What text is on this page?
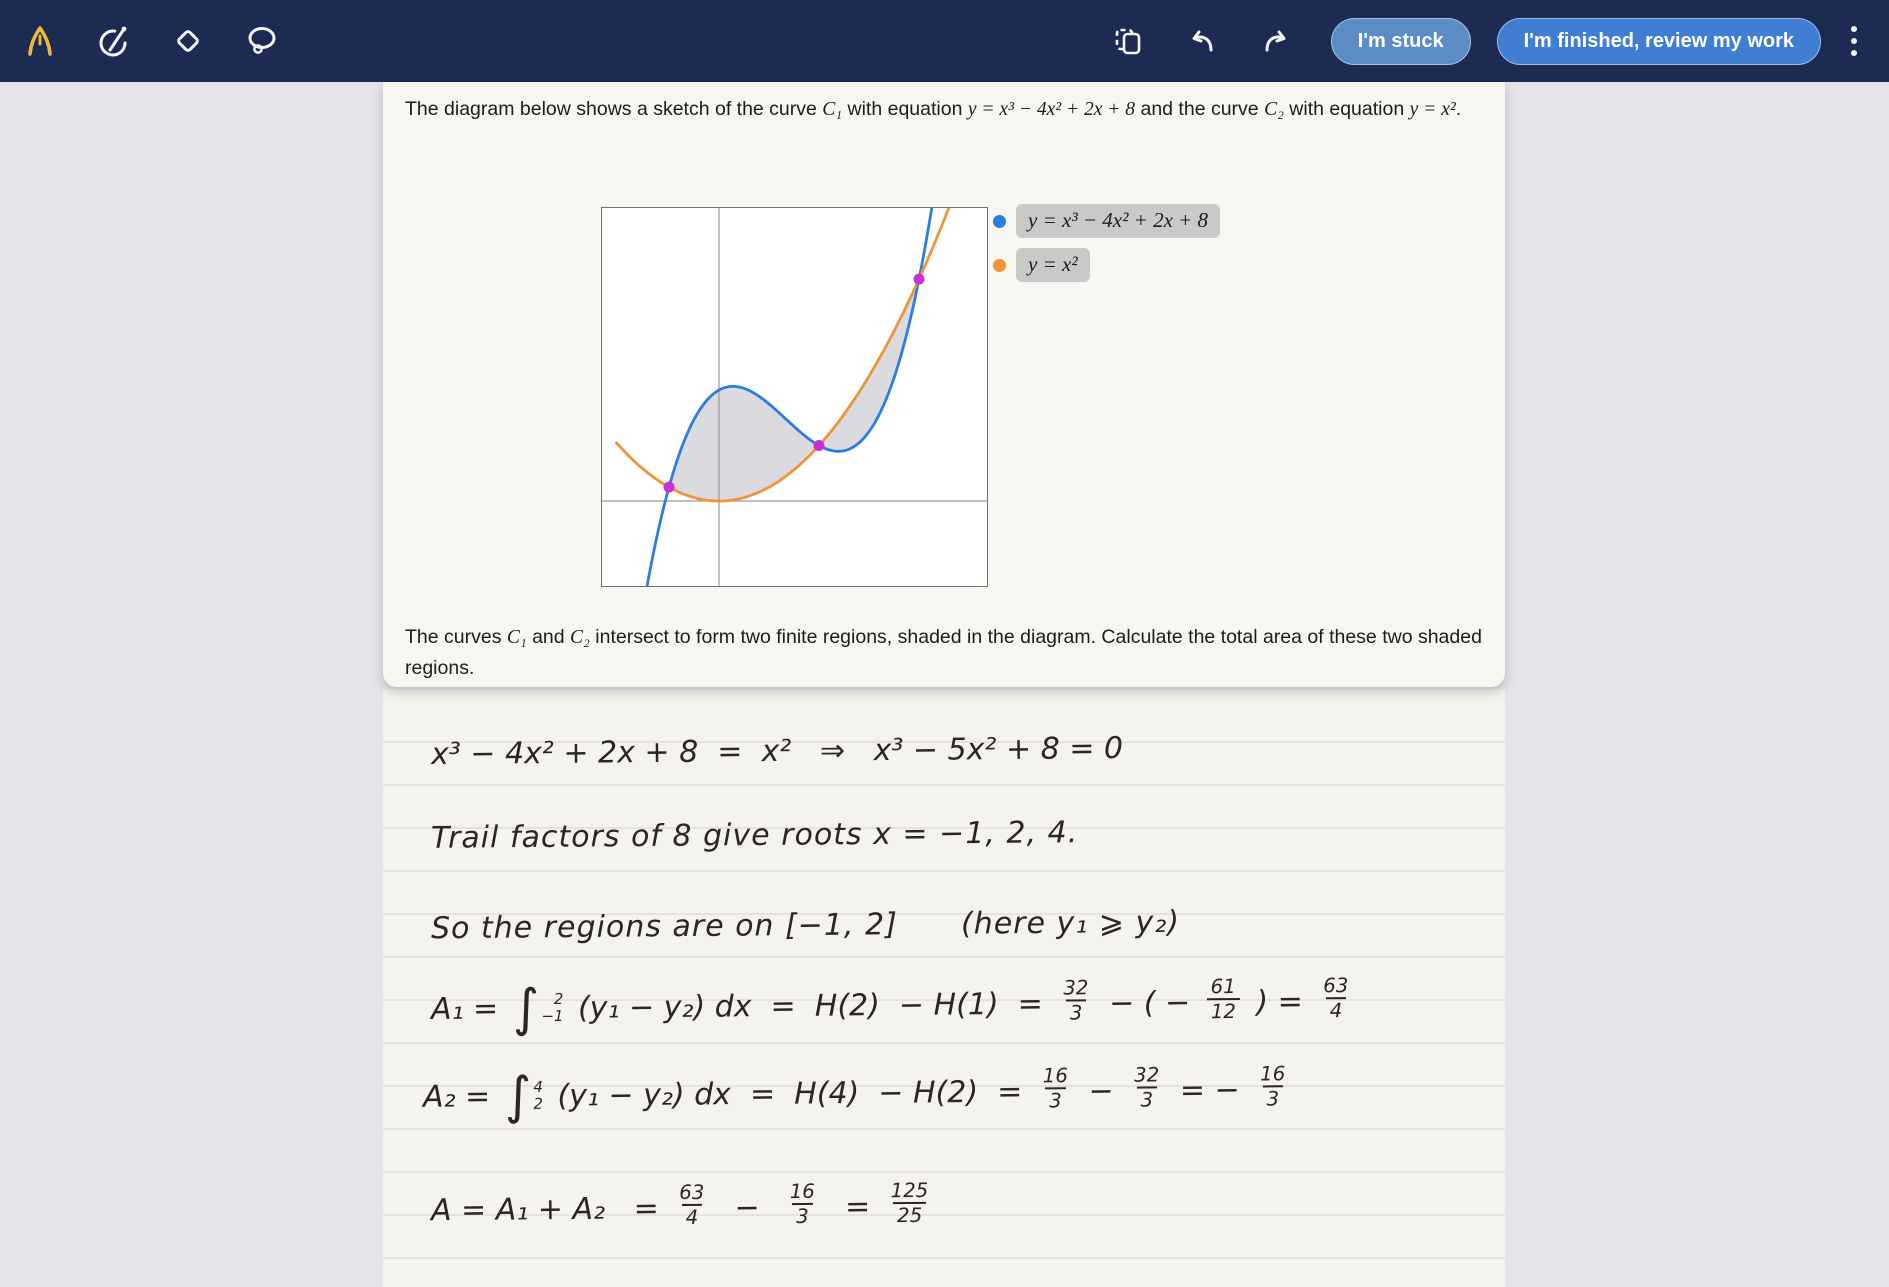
I'm stuck	I'm finished, review my work

The diagram below shows a sketch of the curve C₁ with equation y = x³ − 4x² + 2x + 8 and the curve C₂ with equation y = x².

y = x³ − 4x² + 2x + 8
y = x²

The curves C₁ and C₂ intersect to form two finite regions, shaded in the diagram. Calculate the total area of these two shaded regions.

x³ − 4x² + 2x + 8  =  x²   ⇒   x³ − 5x² + 8 = 0
Trail factors of 8 give roots x = −1, 2, 4.
So the regions are on [−1, 2]      (here y₁ ⩾ y₂)
A₁ = ∫ 2
−1 (y₁ − y₂) dx  =  $H(2) - H(1) = \frac{32}{3}$ − ( − $\frac{61}{12}$ ) = $\frac{63}{4}$
A₂ = ∫ 4
2 (y₁ − y₂) dx  =  $H(4) - H(2) = \frac{16}{3} - \frac{32}{3}$ = − $\frac{16}{3}$
$A = A_1 + A_2 = \frac{63}{4} - \frac{16}{3} = \frac{125}{25}$
